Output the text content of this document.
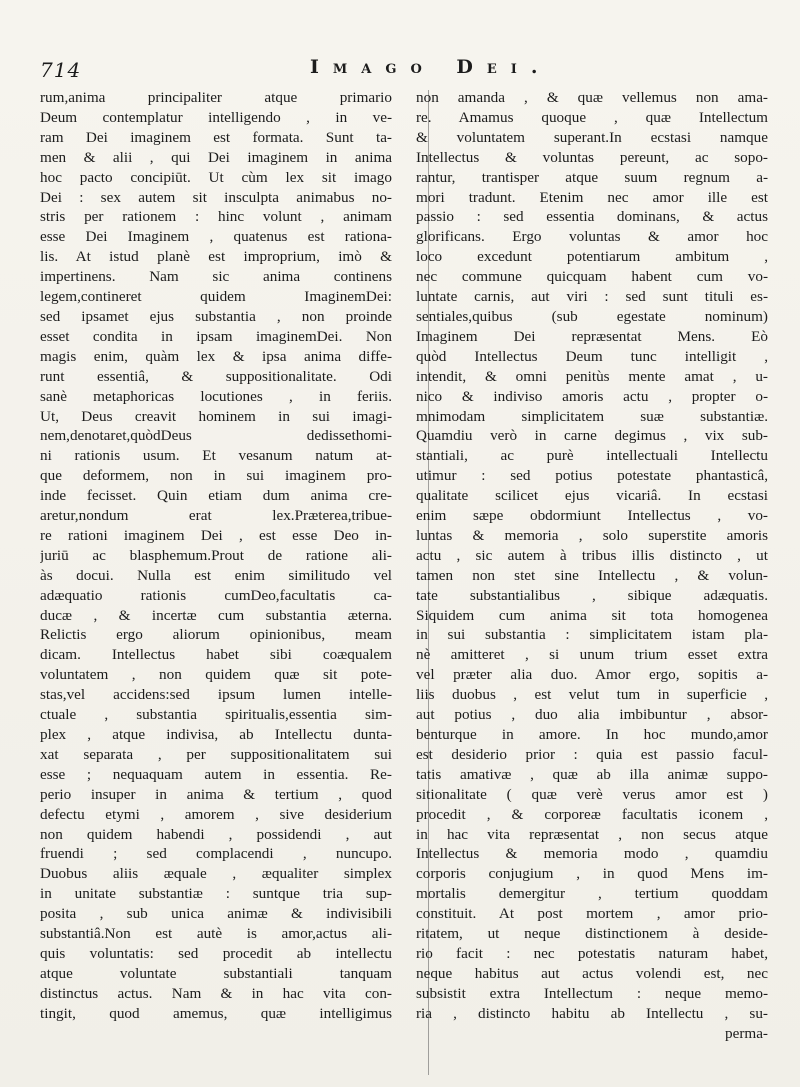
714	Imago Dei.
rum,anima principaliter atque primario
Deum contemplatur intelligendo , in ve-
ram Dei imaginem est formata. Sunt ta-
men & alii , qui Dei imaginem in anima
hoc pacto concipiūt. Ut cùm lex sit imago
Dei : sex autem sit insculpta animabus no-
stris per rationem : hinc volunt , animam
esse Dei Imaginem , quatenus est rationa-
lis. At istud planè est improprium, imò &
impertinens. Nam sic anima continens
legem,contineret quidem ImaginemDei:
sed ipsamet ejus substantia , non proinde
esset condita in ipsam imaginemDei. Non
magis enim, quàm lex & ipsa anima diffe-
runt essentiâ, & suppositionalitate. Odi
sanè metaphoricas locutiones , in feriis.
Ut, Deus creavit hominem in sui imagi-
nem,denotaret,quòdDeus dedissethomi-
ni rationis usum. Et vesanum natum at-
que deformem, non in sui imaginem pro-
inde fecisset. Quin etiam dum anima cre-
aretur,nondum erat lex.Præterea,tribue-
re rationi imaginem Dei , est esse Deo in-
juriū ac blasphemum.Prout de ratione ali-
às docui. Nulla est enim similitudo vel
adæquatio rationis cumDeo,facultatis ca-
ducæ , & incertæ cum substantia æterna.
Relictis ergo aliorum opinionibus, meam
dicam. Intellectus habet sibi coæqualem
voluntatem , non quidem quæ sit pote-
stas,vel accidens:sed ipsum lumen intelle-
ctuale , substantia spiritualis,essentia sim-
plex , atque indivisa, ab Intellectu dunta-
xat separata , per suppositionalitatem sui
esse ; nequaquam autem in essentia. Re-
perio insuper in anima & tertium , quod
defectu etymi , amorem , sive desiderium
non quidem habendi , possidendi , aut
fruendi ; sed complacendi , nuncupo.
Duobus aliis æquale , æqualiter simplex
in unitate substantiæ : suntque tria sup-
posita , sub unica animæ & indivisibili
substantiâ.Non est autè is amor,actus ali-
quis voluntatis: sed procedit ab intellectu
atque voluntate substantiali tanquam
distinctus actus. Nam & in hac vita con-
tingit, quod amemus, quæ intelligimus
non amanda , & quæ vellemus non ama-
re. Amamus quoque , quæ Intellectum
& voluntatem superant.In ecstasi namque
Intellectus & voluntas pereunt, ac sopo-
rantur, trantisper atque suum regnum a-
mori tradunt. Etenim nec amor ille est
passio : sed essentia dominans, & actus
glorificans. Ergo voluntas & amor hoc
loco excedunt potentiarum ambitum ,
nec commune quicquam habent cum vo-
luntate carnis, aut viri : sed sunt tituli es-
sentiales,quibus (sub egestate nominum)
Imaginem Dei repræsentat Mens. Eò
quòd Intellectus Deum tunc intelligit ,
intendit, & omni penitùs mente amat , u-
nico & indiviso amoris actu , propter o-
mnimodam simplicitatem suæ substantiæ.
Quamdiu verò in carne degimus , vix sub-
stantiali, ac purè intellectuali Intellectu
utimur : sed potius potestate phantasticâ,
qualitate scilicet ejus vicariâ. In ecstasi
enim sæpe obdormiunt Intellectus , vo-
luntas & memoria , solo superstite amoris
actu , sic autem à tribus illis distincto , ut
tamen non stet sine Intellectu , & volun-
tate substantialibus , sibique adæquatis.
Siquidem cum anima sit tota homogenea
in sui substantia : simplicitatem istam pla-
nè amitteret , si unum trium esset extra
vel præter alia duo. Amor ergo, sopitis a-
liis duobus , est velut tum in superficie ,
aut potius , duo alia imbibuntur , absor-
benturque in amore. In hoc mundo,amor
est desiderio prior : quia est passio facul-
tatis amativæ , quæ ab illa animæ suppo-
sitionalitate ( quæ verè verus amor est )
procedit , & corporeæ facultatis iconem ,
in hac vita repræsentat , non secus atque
Intellectus & memoria modo , quamdiu
corporis conjugium , in quod Mens im-
mortalis demergitur , tertium quoddam
constituit. At post mortem , amor prio-
ritatem, ut neque distinctionem à deside-
rio facit : nec potestatis naturam habet,
neque habitus aut actus volendi est, nec
subsistit extra Intellectum : neque memo-
ria , distincto habitu ab Intellectu , su-
perma-
